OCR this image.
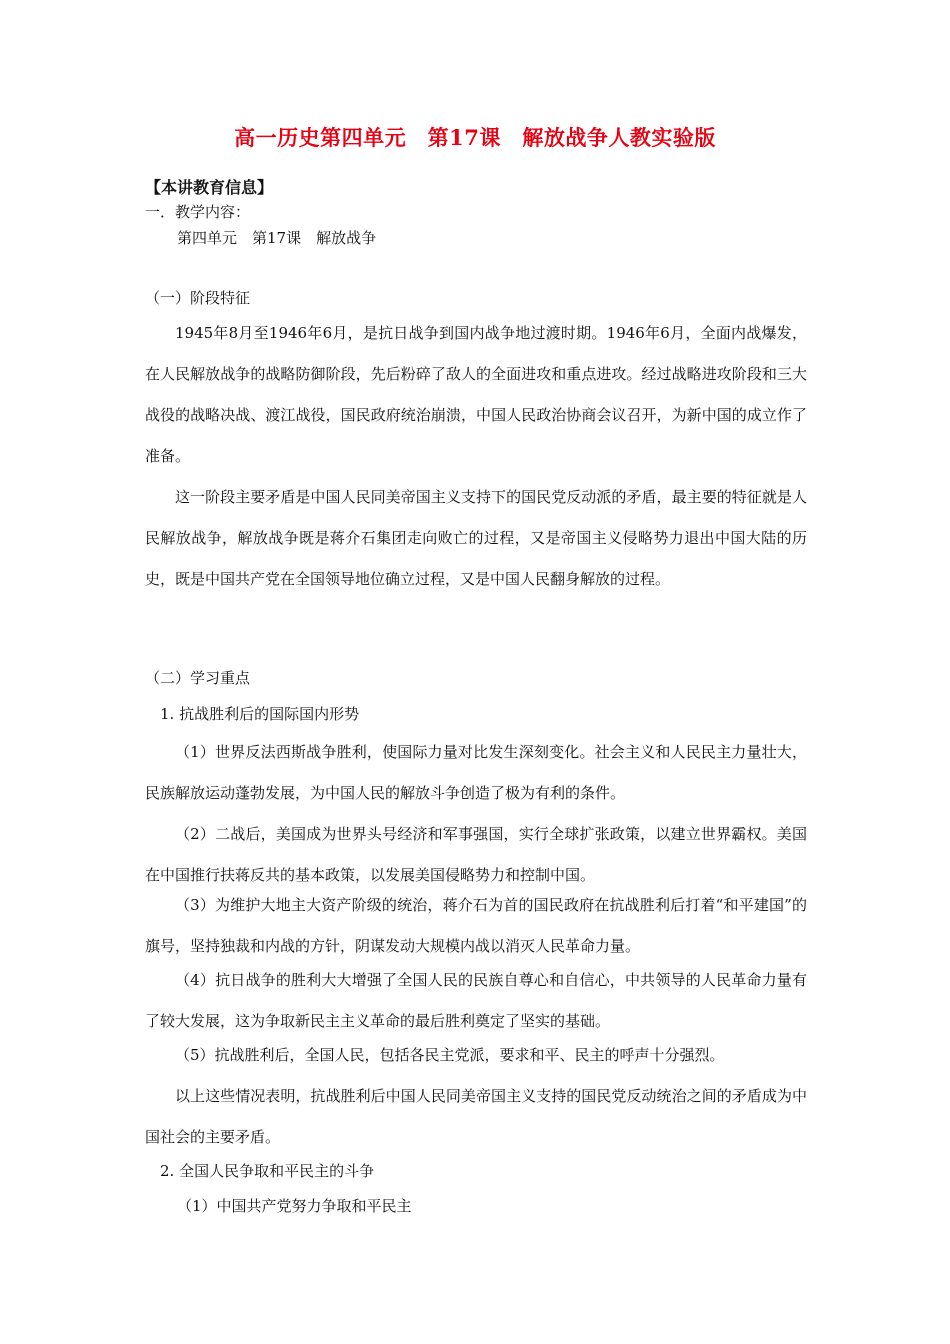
高一历史第四单元　第17课　解放战争人教实验版
【本讲教育信息】
一．教学内容：
第四单元　第17课　解放战争
（一）阶段特征
1945年8月至1946年6月，是抗日战争到国内战争地过渡时期。1946年6月，全面内战爆发，在人民解放战争的战略防御阶段，先后粉碎了敌人的全面进攻和重点进攻。经过战略进攻阶段和三大战役的战略决战、渡江战役，国民政府统治崩溃，中国人民政治协商会议召开，为新中国的成立作了准备。
这一阶段主要矛盾是中国人民同美帝国主义支持下的国民党反动派的矛盾，最主要的特征就是人民解放战争，解放战争既是蒋介石集团走向败亡的过程，又是帝国主义侵略势力退出中国大陆的历史，既是中国共产党在全国领导地位确立过程，又是中国人民翻身解放的过程。
（二）学习重点
1. 抗战胜利后的国际国内形势
（1）世界反法西斯战争胜利，使国际力量对比发生深刻变化。社会主义和人民民主力量壮大，民族解放运动蓬勃发展，为中国人民的解放斗争创造了极为有利的条件。
（2）二战后，美国成为世界头号经济和军事强国，实行全球扩张政策，以建立世界霸权。美国在中国推行扶蒋反共的基本政策，以发展美国侵略势力和控制中国。
（3）为维护大地主大资产阶级的统治，蒋介石为首的国民政府在抗战胜利后打着“和平建国”的旗号，坚持独裁和内战的方针，阴谋发动大规模内战以消灭人民革命力量。
（4）抗日战争的胜利大大增强了全国人民的民族自尊心和自信心，中共领导的人民革命力量有了较大发展，这为争取新民主主义革命的最后胜利奠定了坚实的基础。
（5）抗战胜利后，全国人民，包括各民主党派，要求和平、民主的呼声十分强烈。
以上这些情况表明，抗战胜利后中国人民同美帝国主义支持的国民党反动统治之间的矛盾成为中国社会的主要矛盾。
2. 全国人民争取和平民主的斗争
（1）中国共产党努力争取和平民主
